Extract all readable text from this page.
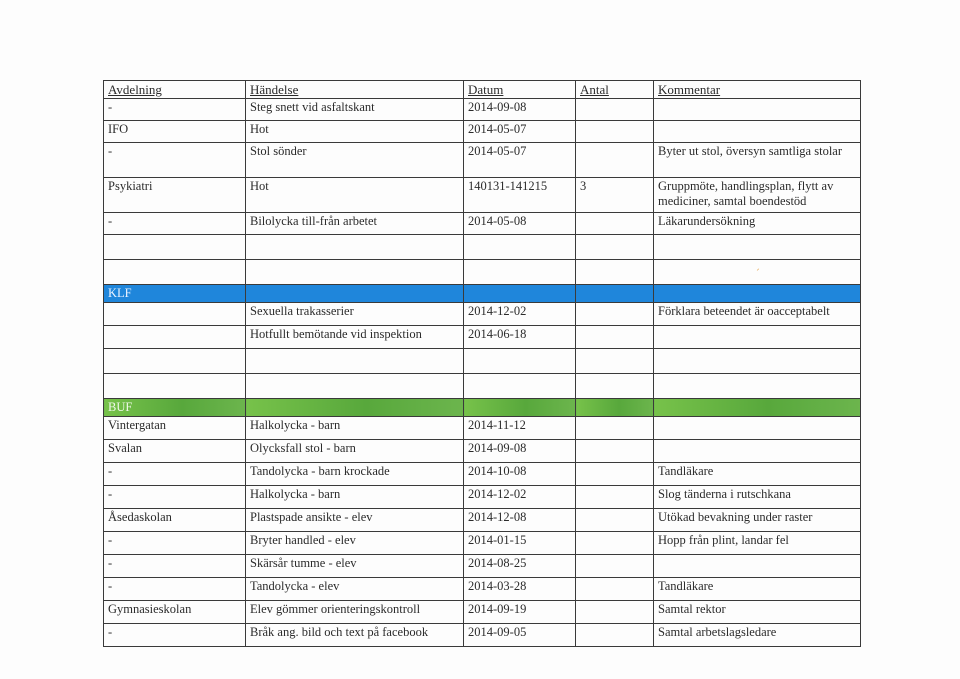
Avdelning	Händelse	Datum	Antal	Kommentar
-	Steg snett vid asfaltskant	2014-09-08		
IFO	Hot	2014-05-07		
-	Stol sönder	2014-05-07		Byter ut stol, översyn samtliga stolar
Psykiatri	Hot	140131-141215	3	Gruppmöte, handlingsplan, flytt av mediciner, samtal boendestöd
-	Bilolycka till-från arbetet	2014-05-08		Läkarundersökning

KLF				
	Sexuella trakasserier	2014-12-02		Förklara beteendet är oacceptabelt
	Hotfullt bemötande vid inspektion	2014-06-18		

BUF				
Vintergatan	Halkolycka - barn	2014-11-12		
Svalan	Olycksfall stol - barn	2014-09-08		
-	Tandolycka - barn krockade	2014-10-08		Tandläkare
-	Halkolycka - barn	2014-12-02		Slog tänderna i rutschkana
Åsedaskolan	Plastspade ansikte - elev	2014-12-08		Utökad bevakning under raster
-	Bryter handled - elev	2014-01-15		Hopp från plint, landar fel
-	Skärsår tumme - elev	2014-08-25		
-	Tandolycka - elev	2014-03-28		Tandläkare
Gymnasieskolan	Elev gömmer orienteringskontroll	2014-09-19		Samtal rektor
-	Bråk ang. bild och text på facebook	2014-09-05		Samtal arbetslagsledare
ˏ
